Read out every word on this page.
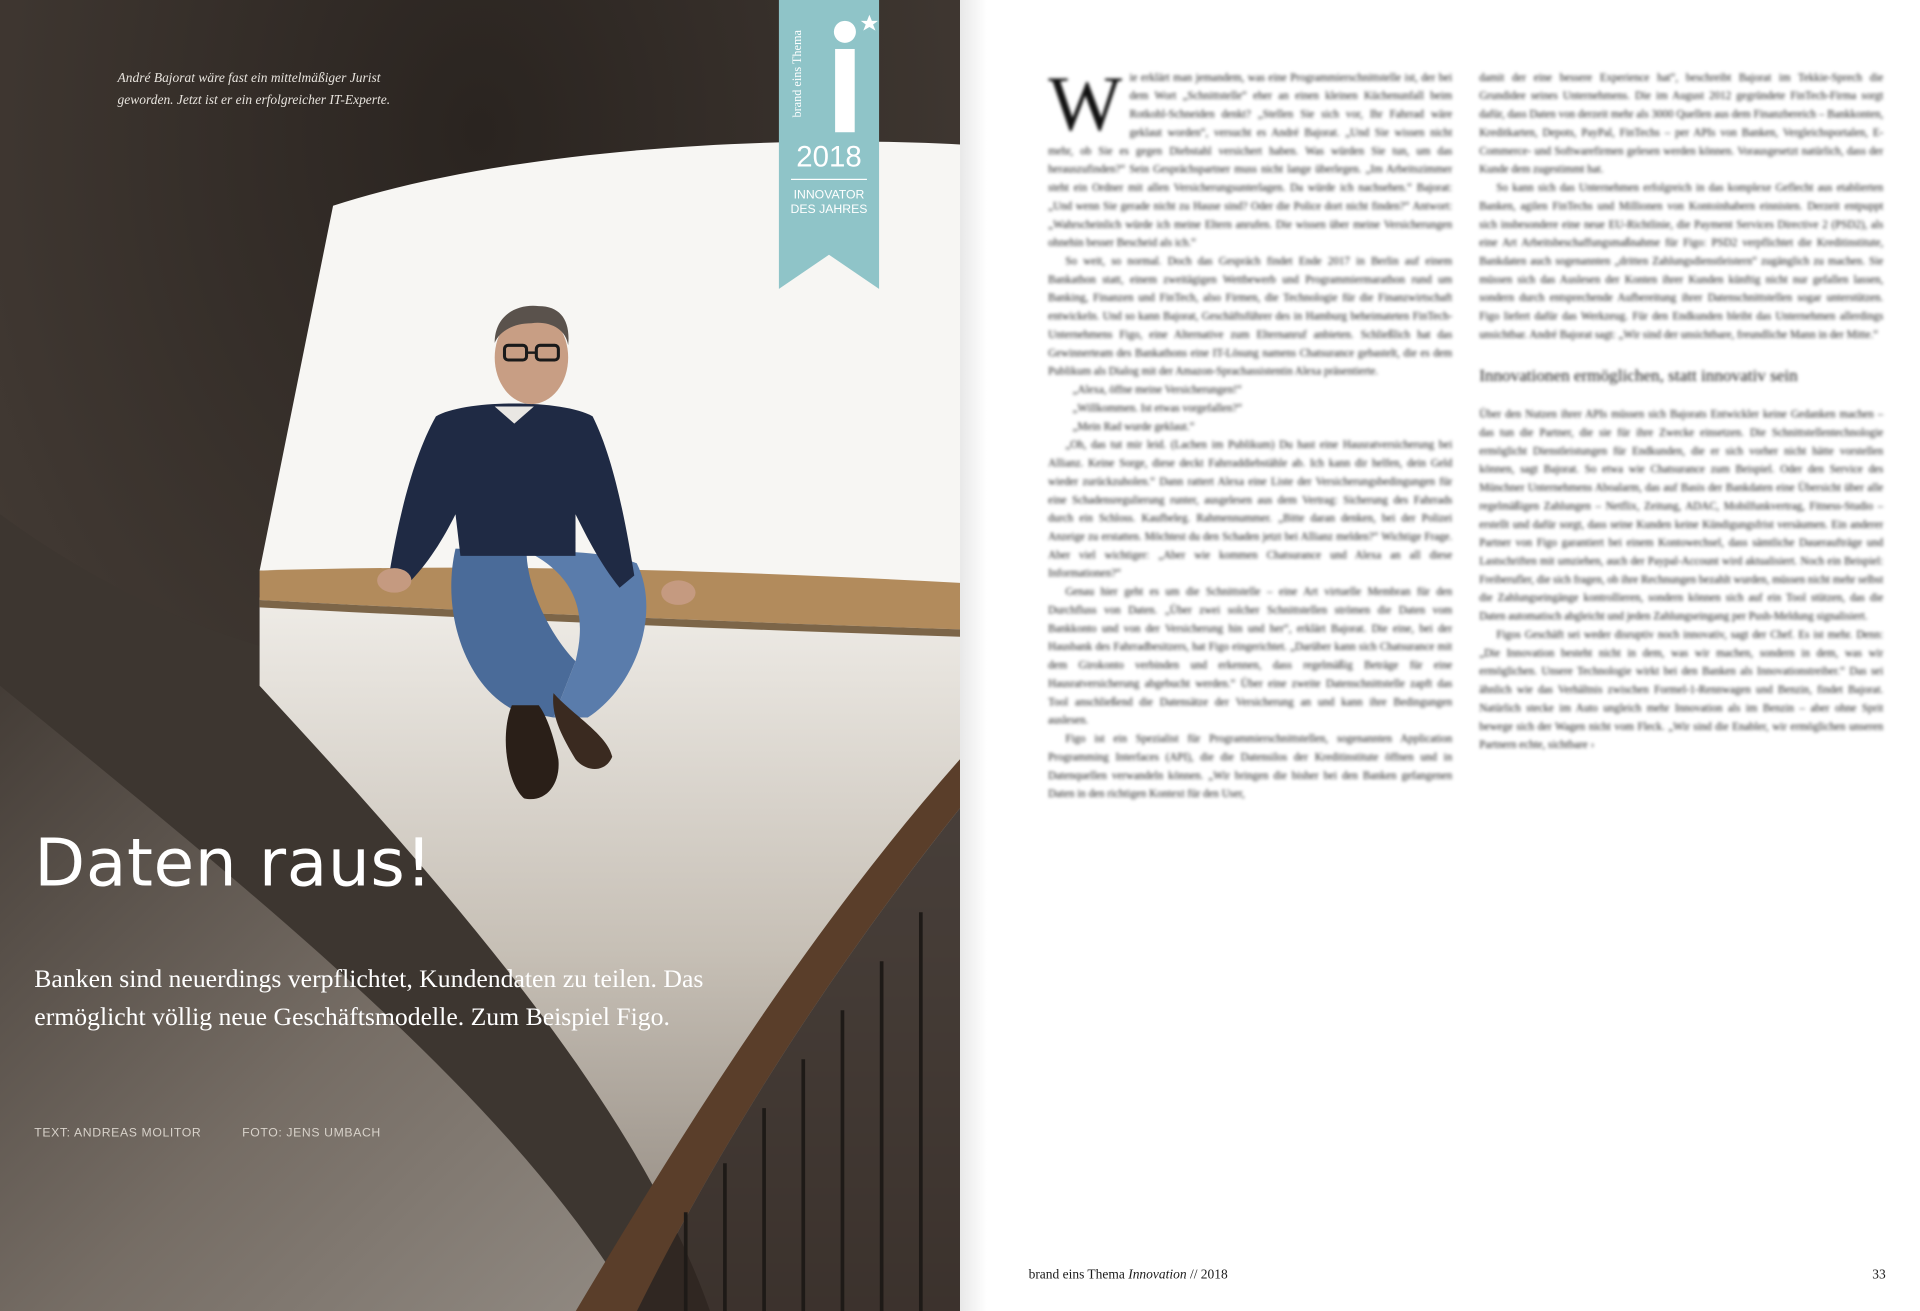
André Bajorat wäre fast ein mittelmäßiger Jurist geworden. Jetzt ist er ein erfolgreicher IT-Experte.	brand eins Thema
2018
INNOVATOR
DES JAHRES
Daten raus!

Banken sind neuerdings verpflichtet, Kundendaten zu teilen. Das ermöglicht völlig neue Geschäftsmodelle. Zum Beispiel Figo.

TEXT: ANDREAS MOLITOR	FOTO: JENS UMBACH
W ie erklärt man jemandem, was eine Programmierschnittstelle ist, der bei dem Wort „Schnittstelle“ eher an einen kleinen Küchenunfall beim Rotkohl-Schneiden denkt? „Stellen Sie sich vor, Ihr Fahrrad wäre geklaut worden“, versucht es André Bajorat. „Und Sie wissen nicht mehr, ob Sie es gegen Diebstahl versichert haben. Was würden Sie tun, um das herauszufinden?“ Sein Gesprächspartner muss nicht lange überlegen. „Im Arbeitszimmer steht ein Ordner mit allen Versicherungsunterlagen. Da würde ich nachsehen.“ Bajorat: „Und wenn Sie gerade nicht zu Hause sind? Oder die Police dort nicht finden?“ Antwort: „Wahrscheinlich würde ich meine Eltern anrufen. Die wissen über meine Versicherungen ohnehin besser Bescheid als ich.“

So weit, so normal. Doch das Gespräch findet Ende 2017 in Berlin auf einem Bankathon statt, einem zweitägigen Wettbewerb und Programmiermarathon rund um Banking, Finanzen und FinTech, also Firmen, die Technologie für die Finanzwirtschaft entwickeln. Und so kann Bajorat, Geschäftsführer des in Hamburg beheimateten FinTech-Unternehmens Figo, eine Alternative zum Elternanruf anbieten. Schließlich hat das Gewinnerteam des Bankathons eine IT-Lösung namens Chatsurance gebastelt, die es dem Publikum als Dialog mit der Amazon-Sprachassistentin Alexa präsentierte.

„Alexa, öffne meine Versicherungen!“

„Willkommen. Ist etwas vorgefallen?“

„Mein Rad wurde geklaut.“

„Oh, das tut mir leid. (Lachen im Publikum) Du hast eine Hausratversicherung bei Allianz. Keine Sorge, diese deckt Fahrraddiebstähle ab. Ich kann dir helfen, dein Geld wieder zurückzuholen.“ Dann rattert Alexa eine Liste der Versicherungsbedingungen für eine Schadensregulierung runter, ausgelesen aus dem Vertrag: Sicherung des Fahrrads durch ein Schloss. Kaufbeleg. Rahmennummer. „Bitte daran denken, bei der Polizei Anzeige zu erstatten. Möchtest du den Schaden jetzt bei Allianz melden?“ Wichtige Frage. Aber viel wichtiger: „Aber wie kommen Chatsurance und Alexa an all diese Informationen?“

Genau hier geht es um die Schnittstelle – eine Art virtuelle Membran für den Durchfluss von Daten. „Über zwei solcher Schnittstellen strömen die Daten vom Bankkonto und von der Versicherung hin und her“, erklärt Bajorat. Die eine, bei der Hausbank des Fahrradbesitzers, hat Figo eingerichtet. „Darüber kann sich Chatsurance mit dem Girokonto verbinden und erkennen, dass regelmäßig Beträge für eine Hausratversicherung abgebucht werden.“ Über eine zweite Datenschnittstelle zapft das Tool anschließend die Datensätze der Versicherung an und kann ihre Bedingungen auslesen.

Figo ist ein Spezialist für Programmierschnittstellen, sogenannten Application Programming Interfaces (API), die die Datensilos der Kreditinstitute öffnen und in Datenquellen verwandeln können. „Wir bringen die bisher bei den Banken gefangenen Daten in den richtigen Kontext für den User,

damit der eine bessere Experience hat“, beschreibt Bajorat im Tekkie-Sprech die Grundidee seines Unternehmens. Die im August 2012 gegründete FinTech-Firma sorgt dafür, dass Daten von derzeit mehr als 3000 Quellen aus dem Finanzbereich – Bankkonten, Kreditkarten, Depots, PayPal, FinTechs – per APIs von Banken, Vergleichsportalen, E-Commerce- und Softwarefirmen gelesen werden können. Vorausgesetzt natürlich, dass der Kunde dem zugestimmt hat.

So kann sich das Unternehmen erfolgreich in das komplexe Geflecht aus etablierten Banken, agilen FinTechs und Millionen von Kontoinhabern einnisten. Derzeit entpuppt sich insbesondere eine neue EU-Richtlinie, die Payment Services Directive 2 (PSD2), als eine Art Arbeitsbeschaffungsmaßnahme für Figo: PSD2 verpflichtet die Kreditinstitute, Bankdaten auch sogenannten „dritten Zahlungsdienstleistern“ zugänglich zu machen. Sie müssen sich das Auslesen der Konten ihrer Kunden künftig nicht nur gefallen lassen, sondern durch entsprechende Aufbereitung ihrer Datenschnittstellen sogar unterstützen. Figo liefert dafür das Werkzeug. Für den Endkunden bleibt das Unternehmen allerdings unsichtbar. André Bajorat sagt: „Wir sind der unsichtbare, freundliche Mann in der Mitte.“

Innovationen ermöglichen, statt innovativ sein

Über den Nutzen ihrer APIs müssen sich Bajorats Entwickler keine Gedanken machen – das tun die Partner, die sie für ihre Zwecke einsetzen. Die Schnittstellentechnologie ermöglicht Dienstleistungen für Endkunden, die er sich vorher nicht hätte vorstellen können, sagt Bajorat. So etwa wie Chatsurance zum Beispiel. Oder den Service des Münchner Unternehmens Aboalarm, das auf Basis der Bankdaten eine Übersicht über alle regelmäßigen Zahlungen – Netflix, Zeitung, ADAC, Mobilfunkvertrag, Fitness-Studio – erstellt und dafür sorgt, dass seine Kunden keine Kündigungsfrist versäumen. Ein anderer Partner von Figo garantiert bei einem Kontowechsel, dass sämtliche Daueraufträge und Lastschriften mit umziehen, auch der Paypal-Account wird aktualisiert. Noch ein Beispiel: Freiberufler, die sich fragen, ob ihre Rechnungen bezahlt wurden, müssen nicht mehr selbst die Zahlungseingänge kontrollieren, sondern können sich auf ein Tool stützen, das die Daten automatisch abgleicht und jeden Zahlungseingang per Push-Meldung signalisiert.

Figos Geschäft sei weder disruptiv noch innovativ, sagt der Chef. Es ist mehr. Denn: „Die Innovation besteht nicht in dem, was wir machen, sondern in dem, was wir ermöglichen. Unsere Technologie wirkt bei den Banken als Innovationstreiber.“ Das sei ähnlich wie das Verhältnis zwischen Formel-1-Rennwagen und Benzin, findet Bajorat. Natürlich stecke im Auto ungleich mehr Innovation als im Benzin – aber ohne Sprit bewege sich der Wagen nicht vom Fleck. „Wir sind die Enabler, wir ermöglichen unseren Partnern echte, sichtbare ›

brand eins Thema Innovation // 2018	33
